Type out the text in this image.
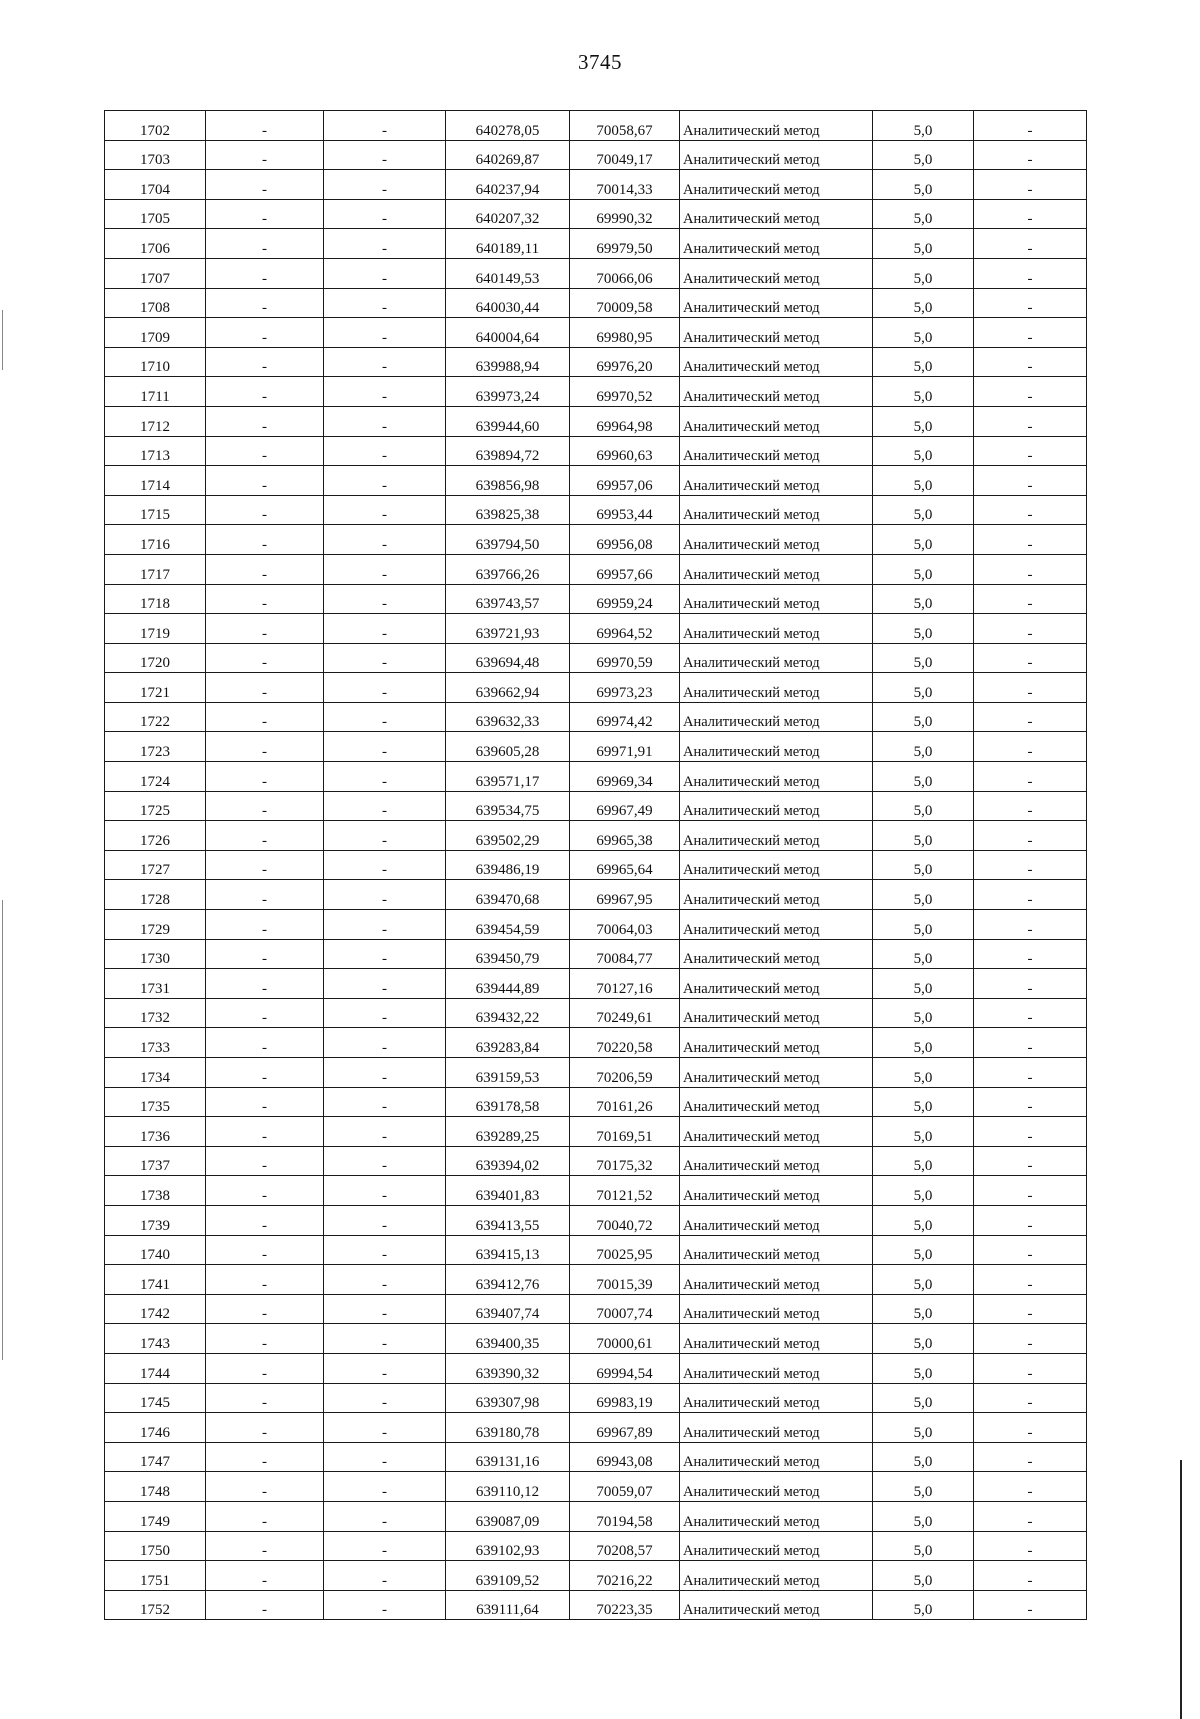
3745
1702	-	-	640278,05	70058,67	Аналитический метод	5,0	-
1703	-	-	640269,87	70049,17	Аналитический метод	5,0	-
1704	-	-	640237,94	70014,33	Аналитический метод	5,0	-
1705	-	-	640207,32	69990,32	Аналитический метод	5,0	-
1706	-	-	640189,11	69979,50	Аналитический метод	5,0	-
1707	-	-	640149,53	70066,06	Аналитический метод	5,0	-
1708	-	-	640030,44	70009,58	Аналитический метод	5,0	-
1709	-	-	640004,64	69980,95	Аналитический метод	5,0	-
1710	-	-	639988,94	69976,20	Аналитический метод	5,0	-
1711	-	-	639973,24	69970,52	Аналитический метод	5,0	-
1712	-	-	639944,60	69964,98	Аналитический метод	5,0	-
1713	-	-	639894,72	69960,63	Аналитический метод	5,0	-
1714	-	-	639856,98	69957,06	Аналитический метод	5,0	-
1715	-	-	639825,38	69953,44	Аналитический метод	5,0	-
1716	-	-	639794,50	69956,08	Аналитический метод	5,0	-
1717	-	-	639766,26	69957,66	Аналитический метод	5,0	-
1718	-	-	639743,57	69959,24	Аналитический метод	5,0	-
1719	-	-	639721,93	69964,52	Аналитический метод	5,0	-
1720	-	-	639694,48	69970,59	Аналитический метод	5,0	-
1721	-	-	639662,94	69973,23	Аналитический метод	5,0	-
1722	-	-	639632,33	69974,42	Аналитический метод	5,0	-
1723	-	-	639605,28	69971,91	Аналитический метод	5,0	-
1724	-	-	639571,17	69969,34	Аналитический метод	5,0	-
1725	-	-	639534,75	69967,49	Аналитический метод	5,0	-
1726	-	-	639502,29	69965,38	Аналитический метод	5,0	-
1727	-	-	639486,19	69965,64	Аналитический метод	5,0	-
1728	-	-	639470,68	69967,95	Аналитический метод	5,0	-
1729	-	-	639454,59	70064,03	Аналитический метод	5,0	-
1730	-	-	639450,79	70084,77	Аналитический метод	5,0	-
1731	-	-	639444,89	70127,16	Аналитический метод	5,0	-
1732	-	-	639432,22	70249,61	Аналитический метод	5,0	-
1733	-	-	639283,84	70220,58	Аналитический метод	5,0	-
1734	-	-	639159,53	70206,59	Аналитический метод	5,0	-
1735	-	-	639178,58	70161,26	Аналитический метод	5,0	-
1736	-	-	639289,25	70169,51	Аналитический метод	5,0	-
1737	-	-	639394,02	70175,32	Аналитический метод	5,0	-
1738	-	-	639401,83	70121,52	Аналитический метод	5,0	-
1739	-	-	639413,55	70040,72	Аналитический метод	5,0	-
1740	-	-	639415,13	70025,95	Аналитический метод	5,0	-
1741	-	-	639412,76	70015,39	Аналитический метод	5,0	-
1742	-	-	639407,74	70007,74	Аналитический метод	5,0	-
1743	-	-	639400,35	70000,61	Аналитический метод	5,0	-
1744	-	-	639390,32	69994,54	Аналитический метод	5,0	-
1745	-	-	639307,98	69983,19	Аналитический метод	5,0	-
1746	-	-	639180,78	69967,89	Аналитический метод	5,0	-
1747	-	-	639131,16	69943,08	Аналитический метод	5,0	-
1748	-	-	639110,12	70059,07	Аналитический метод	5,0	-
1749	-	-	639087,09	70194,58	Аналитический метод	5,0	-
1750	-	-	639102,93	70208,57	Аналитический метод	5,0	-
1751	-	-	639109,52	70216,22	Аналитический метод	5,0	-
1752	-	-	639111,64	70223,35	Аналитический метод	5,0	-
